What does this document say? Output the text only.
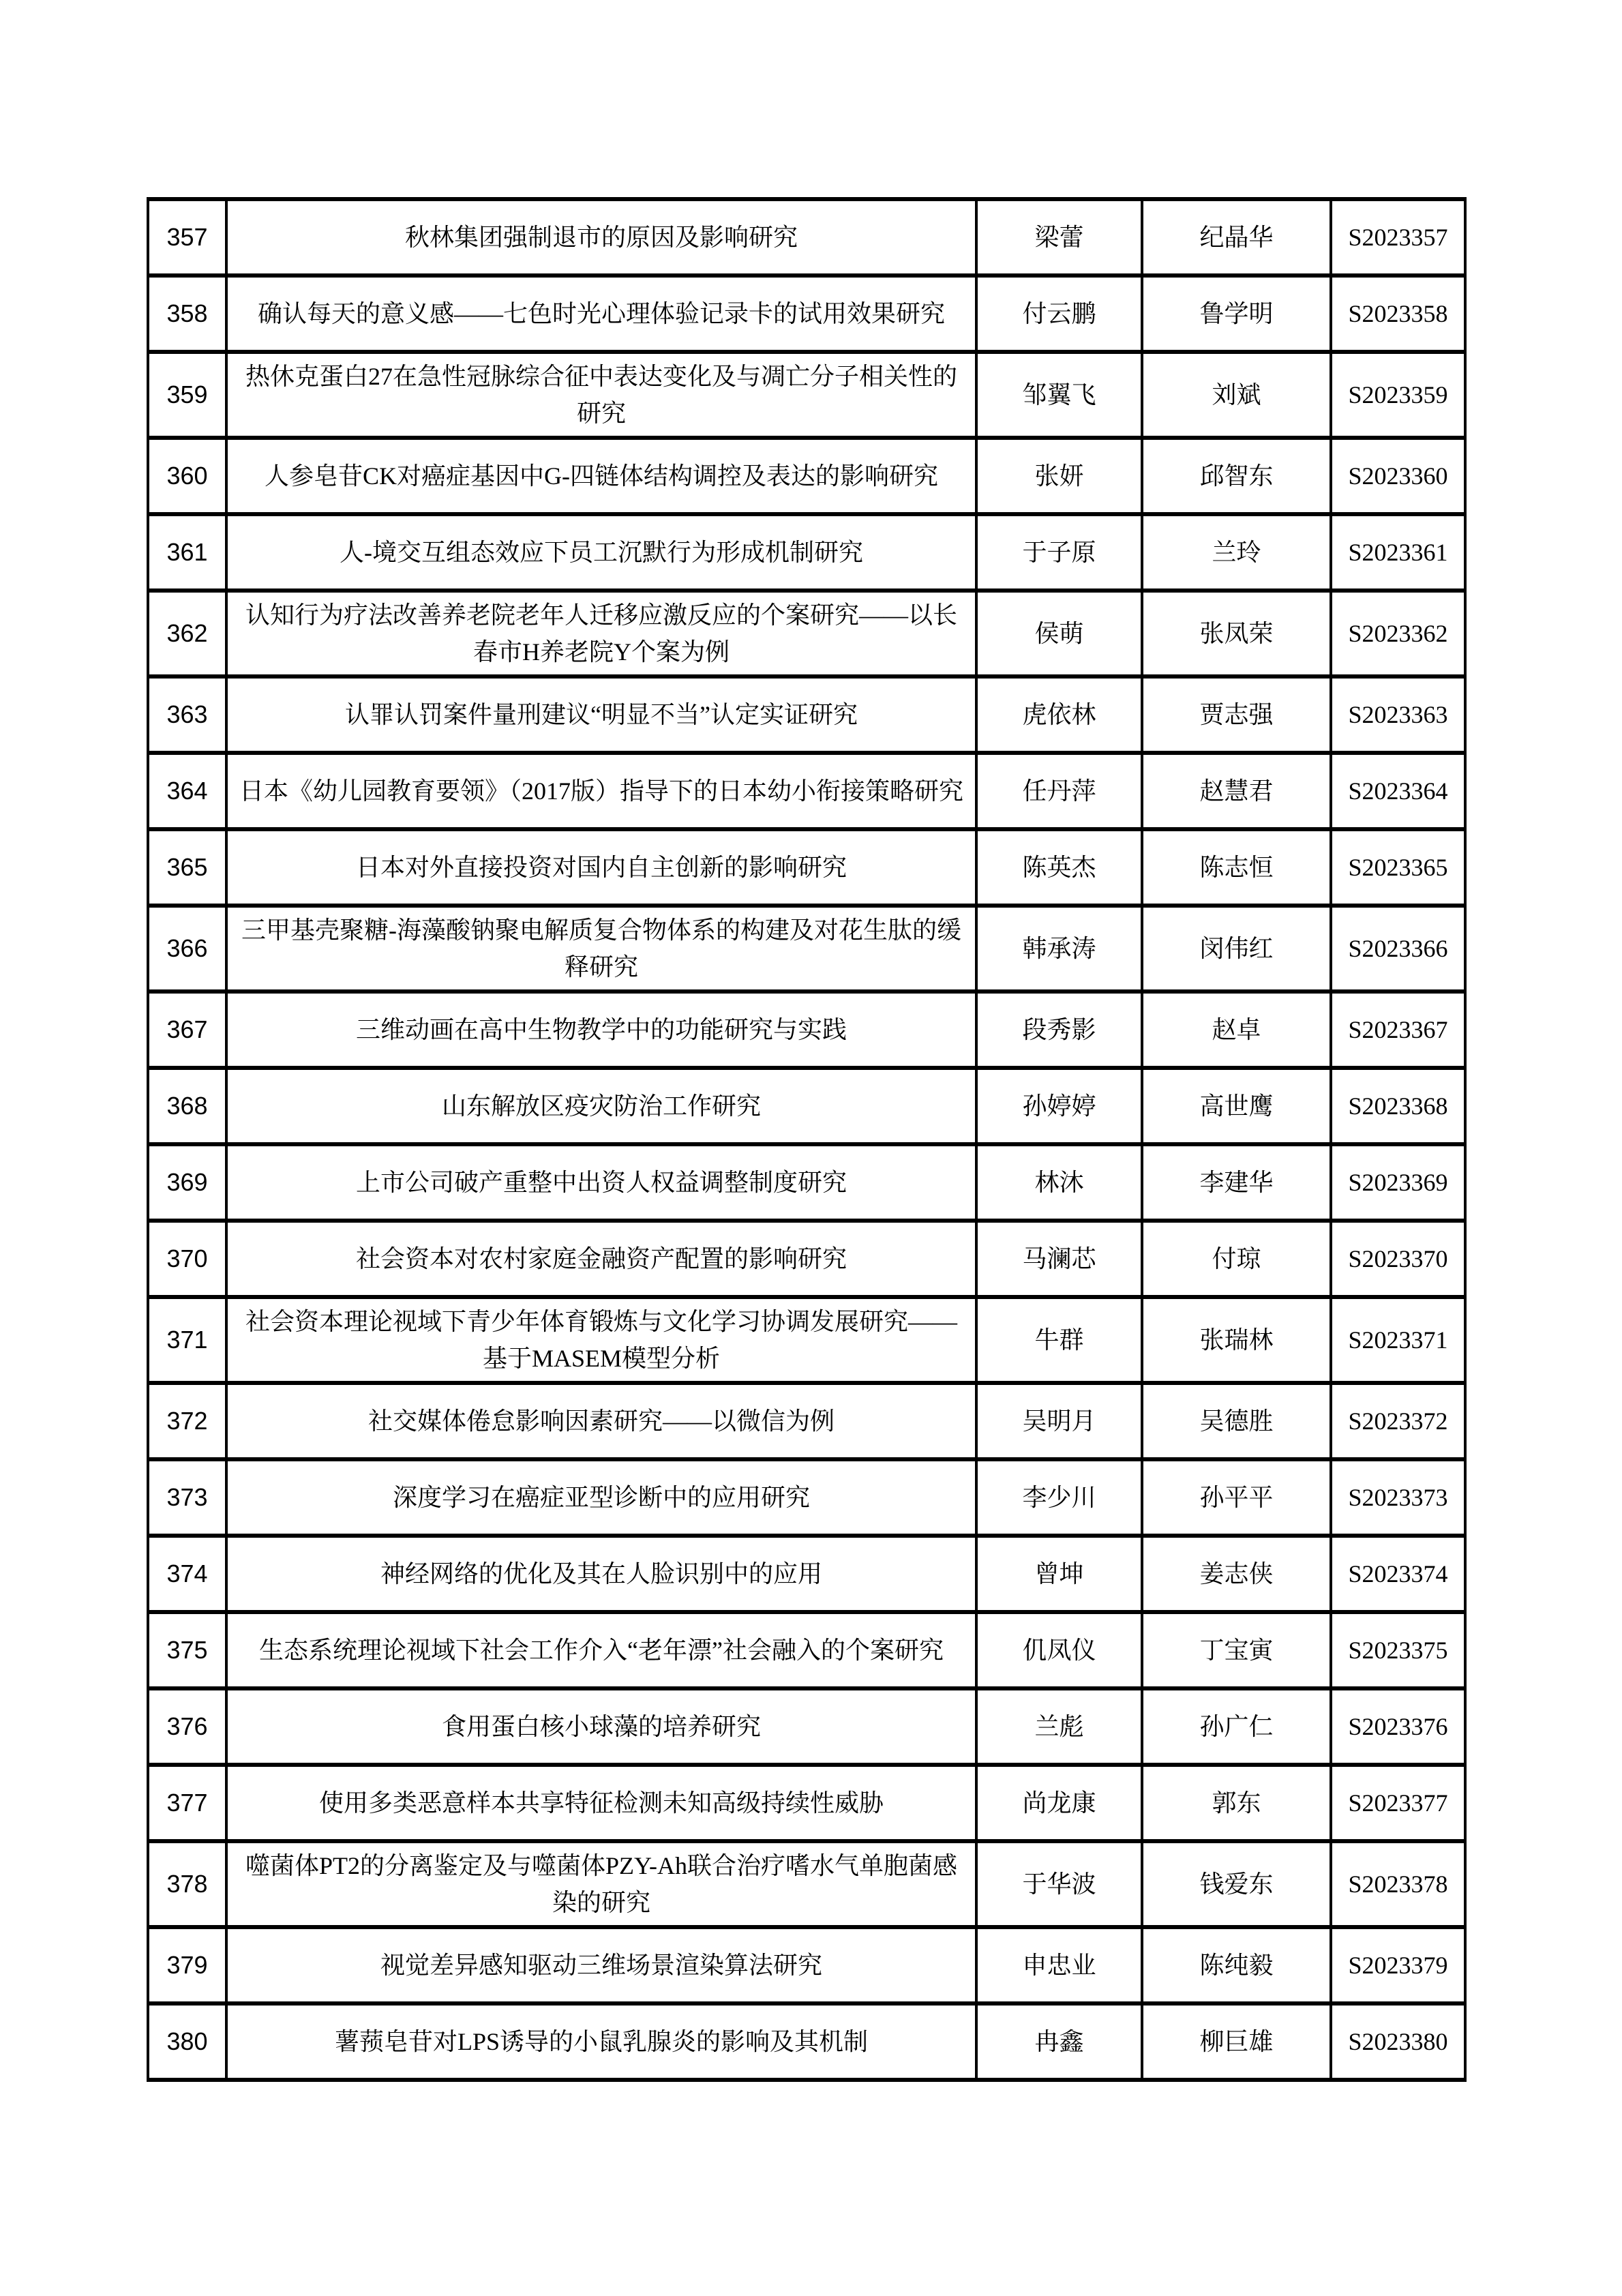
357	秋林集团强制退市的原因及影响研究	梁蕾	纪晶华	S2023357
358	确认每天的意义感——七色时光心理体验记录卡的试用效果研究	付云鹏	鲁学明	S2023358
359	热休克蛋白27在急性冠脉综合征中表达变化及与凋亡分子相关性的研究	邹翼飞	刘斌	S2023359
360	人参皂苷CK对癌症基因中G-四链体结构调控及表达的影响研究	张妍	邱智东	S2023360
361	人-境交互组态效应下员工沉默行为形成机制研究	于子原	兰玲	S2023361
362	认知行为疗法改善养老院老年人迁移应激反应的个案研究——以长春市H养老院Y个案为例	侯萌	张凤荣	S2023362
363	认罪认罚案件量刑建议“明显不当”认定实证研究	虎依林	贾志强	S2023363
364	日本《幼儿园教育要领》（2017版）指导下的日本幼小衔接策略研究	任丹萍	赵慧君	S2023364
365	日本对外直接投资对国内自主创新的影响研究	陈英杰	陈志恒	S2023365
366	三甲基壳聚糖-海藻酸钠聚电解质复合物体系的构建及对花生肽的缓释研究	韩承涛	闵伟红	S2023366
367	三维动画在高中生物教学中的功能研究与实践	段秀影	赵卓	S2023367
368	山东解放区疫灾防治工作研究	孙婷婷	高世鹰	S2023368
369	上市公司破产重整中出资人权益调整制度研究	林沐	李建华	S2023369
370	社会资本对农村家庭金融资产配置的影响研究	马澜芯	付琼	S2023370
371	社会资本理论视域下青少年体育锻炼与文化学习协调发展研究——基于MASEM模型分析	牛群	张瑞林	S2023371
372	社交媒体倦怠影响因素研究——以微信为例	吴明月	吴德胜	S2023372
373	深度学习在癌症亚型诊断中的应用研究	李少川	孙平平	S2023373
374	神经网络的优化及其在人脸识别中的应用	曾坤	姜志侠	S2023374
375	生态系统理论视域下社会工作介入“老年漂”社会融入的个案研究	仉凤仪	丁宝寅	S2023375
376	食用蛋白核小球藻的培养研究	兰彪	孙广仁	S2023376
377	使用多类恶意样本共享特征检测未知高级持续性威胁	尚龙康	郭东	S2023377
378	噬菌体PT2的分离鉴定及与噬菌体PZY-Ah联合治疗嗜水气单胞菌感染的研究	于华波	钱爱东	S2023378
379	视觉差异感知驱动三维场景渲染算法研究	申忠业	陈纯毅	S2023379
380	薯蓣皂苷对LPS诱导的小鼠乳腺炎的影响及其机制	冉鑫	柳巨雄	S2023380
